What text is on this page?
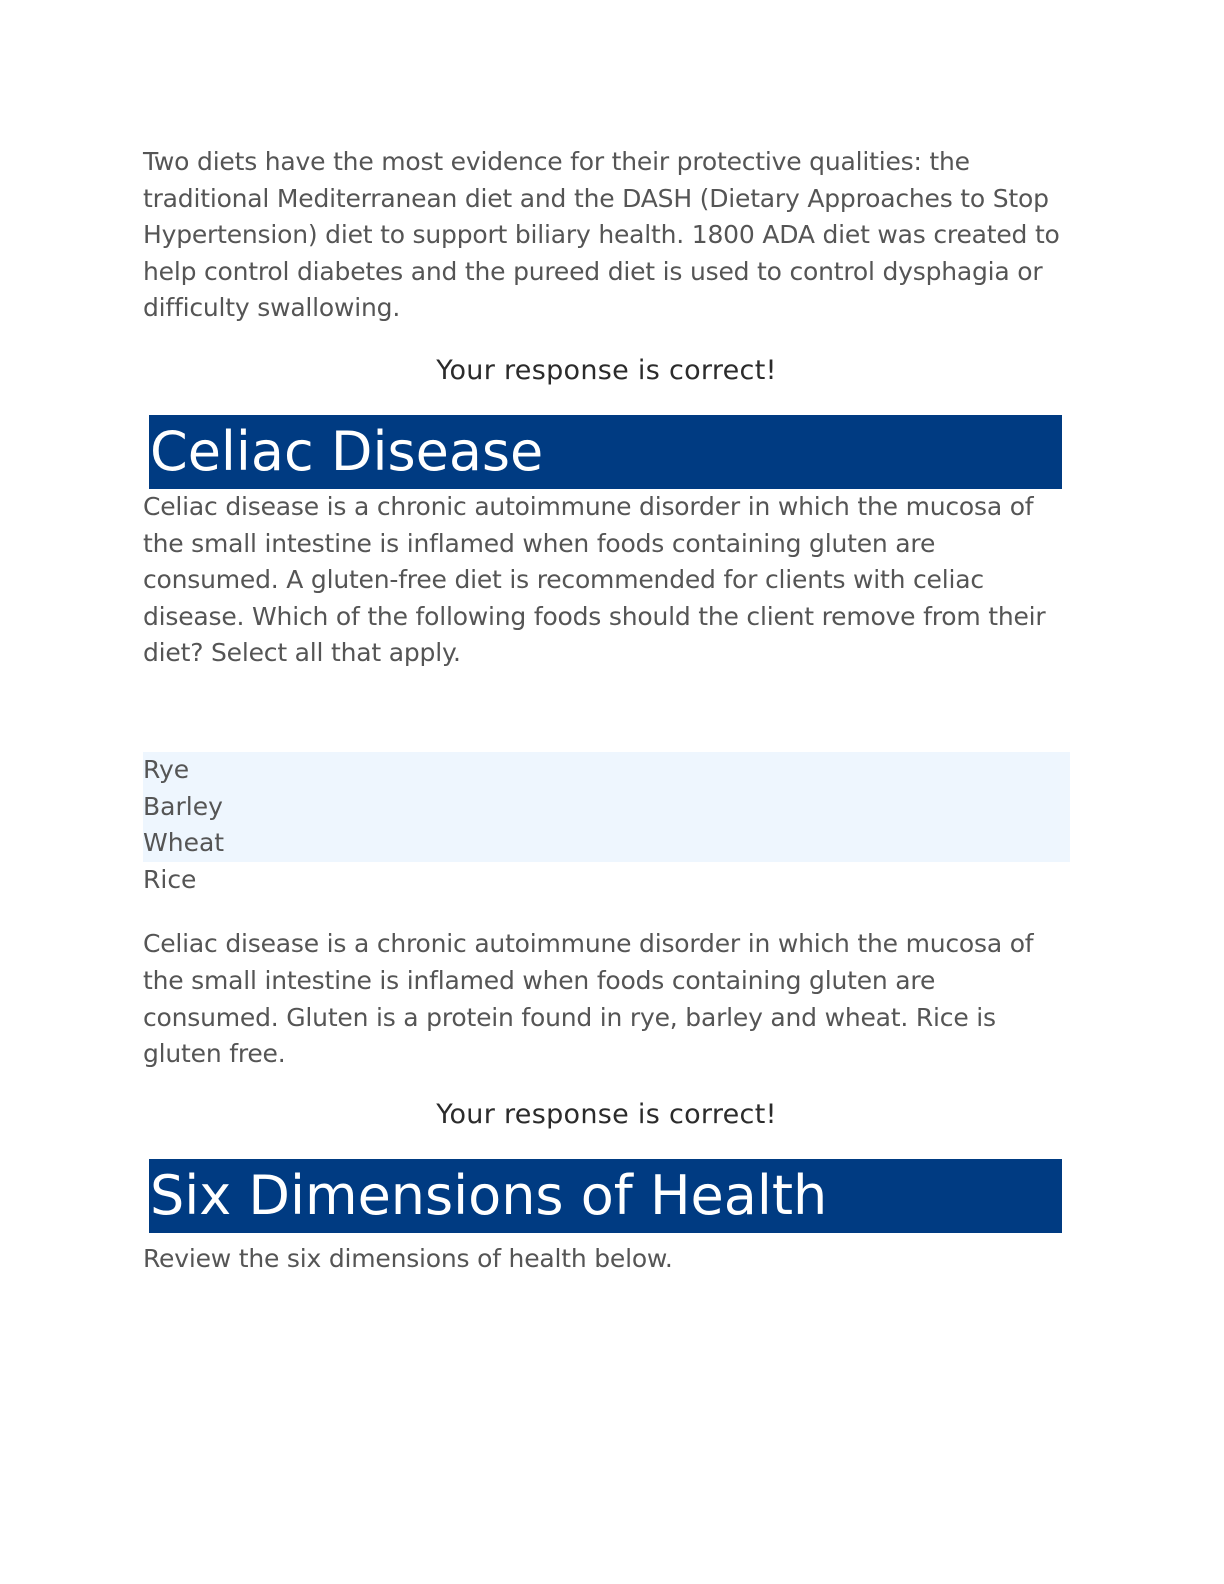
Two diets have the most evidence for their protective qualities: the traditional Mediterranean diet and the DASH (Dietary Approaches to Stop Hypertension) diet to support biliary health. 1800 ADA diet was created to help control diabetes and the pureed diet is used to control dysphagia or difficulty swallowing.

Your response is correct!

Celiac Disease

Celiac disease is a chronic autoimmune disorder in which the mucosa of the small intestine is inflamed when foods containing gluten are consumed. A gluten-free diet is recommended for clients with celiac disease. Which of the following foods should the client remove from their diet? Select all that apply.

Rye
Barley
Wheat
Rice

Celiac disease is a chronic autoimmune disorder in which the mucosa of the small intestine is inflamed when foods containing gluten are consumed. Gluten is a protein found in rye, barley and wheat. Rice is gluten free.

Your response is correct!

Six Dimensions of Health

Review the six dimensions of health below.
